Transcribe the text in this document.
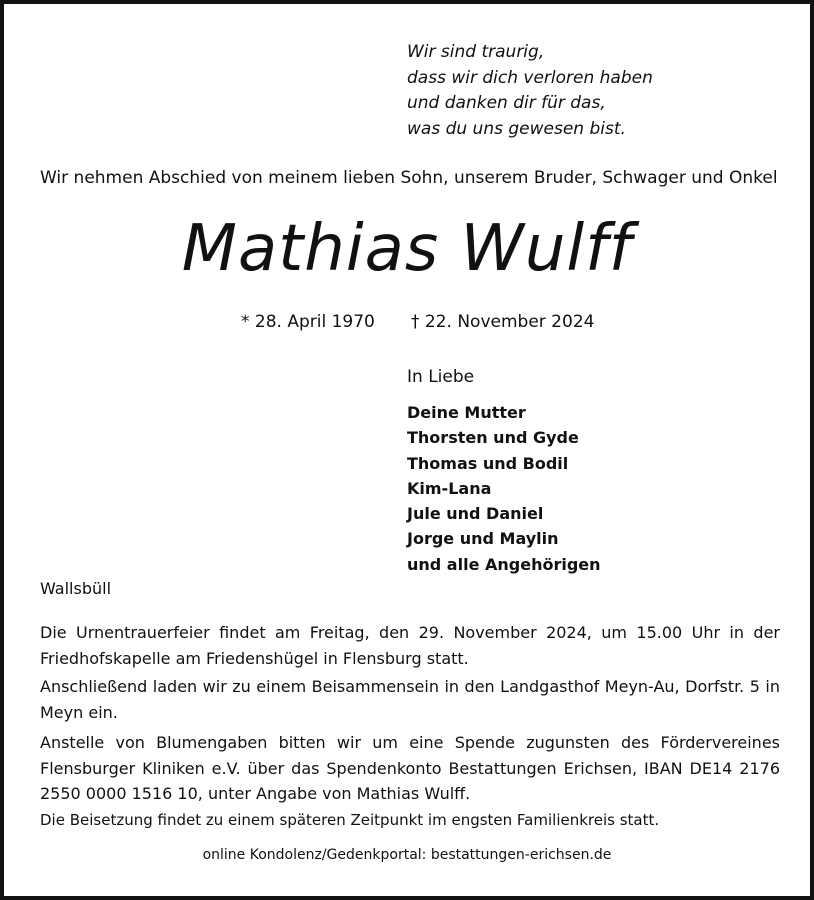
Wir sind traurig,
dass wir dich verloren haben
und danken dir für das,
was du uns gewesen bist.
Wir nehmen Abschied von meinem lieben Sohn, unserem Bruder, Schwager und Onkel
Mathias Wulff
* 28. April 1970 † 22. November 2024
In Liebe
Deine Mutter
Thorsten und Gyde
Thomas und Bodil
Kim-Lana
Jule und Daniel
Jorge und Maylin
und alle Angehörigen
Wallsbüll
Die Urnentrauerfeier findet am Freitag, den 29. November 2024, um 15.00 Uhr in der Friedhofskapelle am Friedenshügel in Flensburg statt.
Anschließend laden wir zu einem Beisammensein in den Landgasthof Meyn-Au, Dorfstr. 5 in Meyn ein.
Anstelle von Blumengaben bitten wir um eine Spende zugunsten des Fördervereines Flensburger Kliniken e.V. über das Spendenkonto Bestattungen Erichsen, IBAN DE14 2176 2550 0000 1516 10, unter Angabe von Mathias Wulff.
Die Beisetzung findet zu einem späteren Zeitpunkt im engsten Familienkreis statt.
online Kondolenz/Gedenkportal: bestattungen-erichsen.de
